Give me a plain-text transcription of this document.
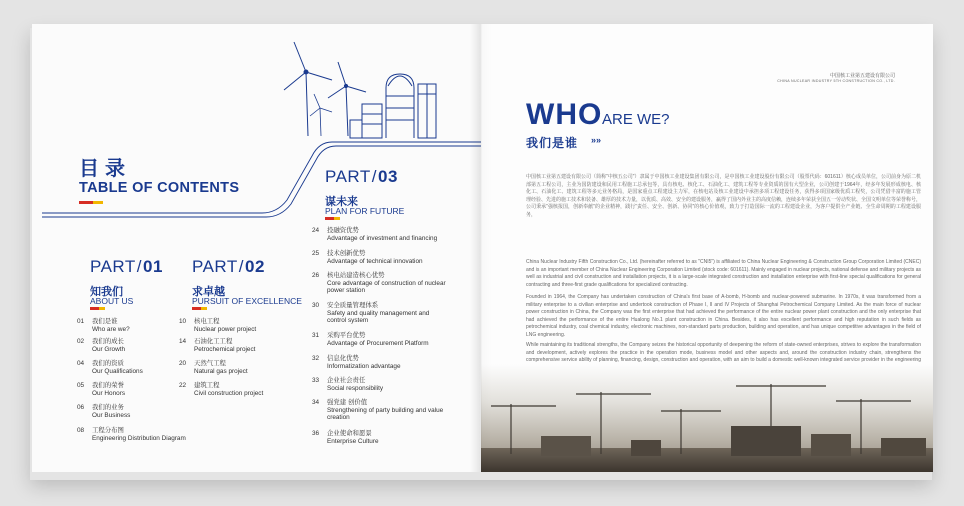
目录
TABLE OF CONTENTS
PART/01
知我们
ABOUT US
01	我们是谁
Who are we?
02	我们的成长
Our Growth
04	我们的资质
Our Qualifications
05	我们的荣誉
Our Honors
06	我们的业务
Our Business
08	工程分布图
Engineering Distribution Diagram
PART/02
求卓越
PURSUIT OF EXCELLENCE
10	核电工程
Nuclear power project
14	石油化工工程
Petrochemical project
20	天然气工程
Natural gas project
22	建筑工程
Civil construction project
PART/03
谋未来
PLAN FOR FUTURE
24	投融资优势
Advantage of investment and financing
25	技术创新优势
Advantage of technical innovation
26	核电站建造核心优势
Core advantage of construction of nuclear
power station
30	安全质量管理体系
Safety and quality management and
control system
31	采购平台优势
Advantage of Procurement Platform
32	信息化优势
Informatization advantage
33	企业社会责任
Social responsibility
34	强党建 创价值
Strengthening of party building and value
creation
36	企业使命和愿景
Enterprise Culture
中国核工业第五建设有限公司
CHINA NUCLEAR INDUSTRY 5TH CONSTRUCTION CO., LTD.
WHO ARE WE?
我们是谁 »»
中国核工业第五建设有限公司（简称“中核五公司”）隶属于中国核工业建设集团有限公司，是中国核工业建设股份有限公司（股票代码：601611）核心成员单位，公司前身为原二机部第五工程公司，主业为国防建设和民用工程施工总承包等，具有核电、核化工、石油化工、建筑工程等专业资质的国有大型企业，公司创建于1964年，经多年发展形成核电、核化工、石油化工、建筑工程等多元业务格局，是国家重点工程建设主力军，在核电站及核工业建设中承担多项工程建设任务，获得多项国家级优质工程奖，公司凭借丰富的施工管理经验、先进的施工技术和装备、雄厚的技术力量，以优质、高效、安全的建设服务，赢得了国内外业主的高度信赖，连续多年荣获全国五一劳动奖状、全国文明单位等荣誉称号，
公司秉承“强核报国，创新奉献”的企业精神，践行“责任、安全、创新、协同”的核心价值观，致力于打造国际一流的工程建设企业，为客户提供全产业链、全生命周期的工程建设服务，
China Nuclear Industry Fifth Construction Co., Ltd. (hereinafter referred to as "CNI5") is affiliated to China Nuclear Engineering & Construction Group Corporation Limited (CNEC) and is an important member of China Nuclear Engineering Corporation Limited (stock code: 601611). Mainly engaged in nuclear projects, national defense and military projects as well as industrial and civil construction and installation projects, it is a large-scale integrated construction and installation enterprise with first-line special qualifications for general contracting and three-first grade qualifications for specialized contracting.
Founded in 1964, the Company has undertaken construction of China's first base of A-bomb, H-bomb and nuclear-powered submarine. In 1970s, it was transformed from a military enterprise to a civilian enterprise and undertook construction of Phase I, II and IV Projects of Shanghai Petrochemical Company Limited. As the main force of nuclear power construction in China, the Company was the first enterprise that had achieved the performance of the entire nuclear power plant construction and the only enterprise that had achieved the performance of the entire Hualong No.1 plant construction in China. Besides, it also has excellent performance and high reputation in such fields as petrochemical industry, coal chemical industry, electronic machines, non-standard parts production, building and operation, and has unique competitive advantages in the field of LNG engineering.
While maintaining its traditional strengths, the Company seizes the historical opportunity of deepening the reform of state-owned enterprises, strives to explore the transformation and development, actively explores the practice in the operation mode, business model and other aspects and, around the construction industry chain, strengthens the comprehensive service ability of planning, financing, design, construction and operation, with an aim to build a domestic well-known integrated service provider in the engineering
